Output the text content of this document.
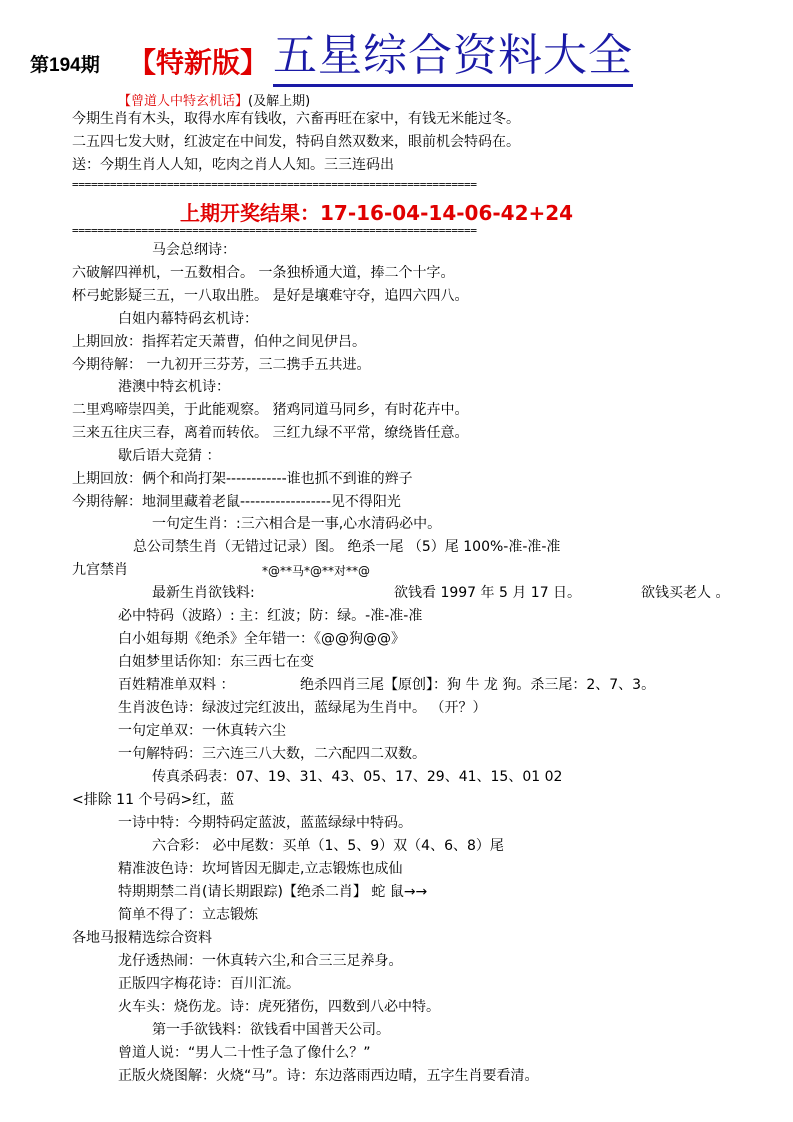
第194期 【特新版】 五星综合资料大全
【曾道人中特玄机话】(及解上期)
今期生肖有木头，取得水库有钱收，六畜再旺在家中，有钱无米能过冬。
二五四七发大财，红波定在中间发，特码自然双数来，眼前机会特码在。
送：今期生肖人人知，吃肉之肖人人知。三三连码出
================================================================
上期开奖结果：17-16-04-14-06-42+24
================================================================
马会总纲诗：
六破解四禅机，一五数相合。 一条独桥通大道，捧二个十字。
杯弓蛇影疑三五，一八取出胜。 是好是壤难守夺，追四六四八。
白姐内幕特码玄机诗：
上期回放：指挥若定天萧曹，伯仲之间见伊吕。
今期待解： 一九初开三芬芳，三二携手五共进。
港澳中特玄机诗：
二里鸡啼崇四美，于此能观察。 猪鸡同道马同乡，有时花卉中。
三来五往庆三春，离着而转依。 三红九绿不平常，缭绕皆任意。
歇后语大竞猜 ：
上期回放：俩个和尚打架------------谁也抓不到谁的辫子
今期待解：地洞里藏着老鼠------------------见不得阳光
一句定生肖：:三六相合是一事,心水清码必中。
总公司禁生肖（无错过记录）图。 绝杀一尾 （5）尾 100%-准-准-准
九宫禁肖	*@**马*@**对**@
最新生肖欲钱料:	欲钱看 1997 年 5 月 17 日。	欲钱买老人 。
必中特码（波路）: 主：红波；防：绿。-准-准-准
白小姐每期《绝杀》全年错一：《@@狗@@》
白姐梦里话你知：东三西七在变
百姓精准单双料 ：	绝杀四肖三尾【原创】：狗 牛 龙 狗。杀三尾：2、7、3。
生肖波色诗：绿波过完红波出，蓝绿尾为生肖中。 （开？）
一句定单双：一休真转六尘
一句解特码：三六连三八大数，二六配四二双数。
传真杀码表：07、19、31、43、05、17、29、41、15、01 02
<排除 11 个号码>红，蓝
一诗中特：今期特码定蓝波，蓝蓝绿绿中特码。
六合彩： 必中尾数：买单（1、5、9）双（4、6、8）尾
精准波色诗：坎坷皆因无脚走,立志锻炼也成仙
特期期禁二肖(请长期跟踪)【绝杀二肖】 蛇 鼠→→
简单不得了：立志锻炼
各地马报精选综合资料
龙仔透热闹：一休真转六尘,和合三三足养身。
正版四字梅花诗：百川汇流。
火车头：烧伤龙。诗：虎死猪伤，四数到八必中特。
第一手欲钱料：欲钱看中国普天公司。
曾道人说：“男人二十性子急了像什么？”
正版火烧图解：火烧“马”。诗：东边落雨西边晴，五字生肖要看清。
